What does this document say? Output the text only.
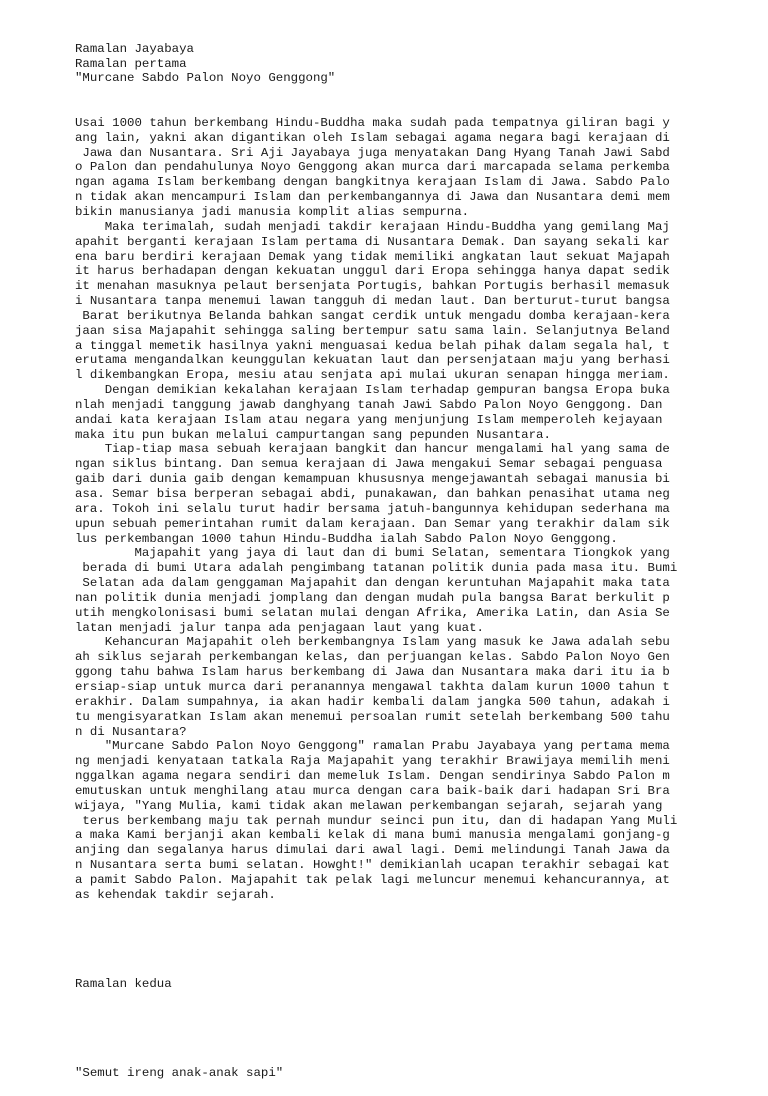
Ramalan Jayabaya
Ramalan pertama
"Murcane Sabdo Palon Noyo Genggong"

Usai 1000 tahun berkembang Hindu-Buddha maka sudah pada tempatnya giliran bagi y
ang lain, yakni akan digantikan oleh Islam sebagai agama negara bagi kerajaan di
Jawa dan Nusantara. Sri Aji Jayabaya juga menyatakan Dang Hyang Tanah Jawi Sabd
o Palon dan pendahulunya Noyo Genggong akan murca dari marcapada selama perkemba
ngan agama Islam berkembang dengan bangkitnya kerajaan Islam di Jawa. Sabdo Palo
n tidak akan mencampuri Islam dan perkembangannya di Jawa dan Nusantara demi mem
bikin manusianya jadi manusia komplit alias sempurna.
Maka terimalah, sudah menjadi takdir kerajaan Hindu-Buddha yang gemilang Maj
apahit berganti kerajaan Islam pertama di Nusantara Demak. Dan sayang sekali kar
ena baru berdiri kerajaan Demak yang tidak memiliki angkatan laut sekuat Majapah
it harus berhadapan dengan kekuatan unggul dari Eropa sehingga hanya dapat sedik
it menahan masuknya pelaut bersenjata Portugis, bahkan Portugis berhasil memasuk
i Nusantara tanpa menemui lawan tangguh di medan laut. Dan berturut-turut bangsa
Barat berikutnya Belanda bahkan sangat cerdik untuk mengadu domba kerajaan-kera
jaan sisa Majapahit sehingga saling bertempur satu sama lain. Selanjutnya Beland
a tinggal memetik hasilnya yakni menguasai kedua belah pihak dalam segala hal, t
erutama mengandalkan keunggulan kekuatan laut dan persenjataan maju yang berhasi
l dikembangkan Eropa, mesiu atau senjata api mulai ukuran senapan hingga meriam.
Dengan demikian kekalahan kerajaan Islam terhadap gempuran bangsa Eropa buka
nlah menjadi tanggung jawab danghyang tanah Jawi Sabdo Palon Noyo Genggong. Dan
andai kata kerajaan Islam atau negara yang menjunjung Islam memperoleh kejayaan
maka itu pun bukan melalui campurtangan sang pepunden Nusantara.
Tiap-tiap masa sebuah kerajaan bangkit dan hancur mengalami hal yang sama de
ngan siklus bintang. Dan semua kerajaan di Jawa mengakui Semar sebagai penguasa
gaib dari dunia gaib dengan kemampuan khususnya mengejawantah sebagai manusia bi
asa. Semar bisa berperan sebagai abdi, punakawan, dan bahkan penasihat utama neg
ara. Tokoh ini selalu turut hadir bersama jatuh-bangunnya kehidupan sederhana ma
upun sebuah pemerintahan rumit dalam kerajaan. Dan Semar yang terakhir dalam sik
lus perkembangan 1000 tahun Hindu-Buddha ialah Sabdo Palon Noyo Genggong.
Majapahit yang jaya di laut dan di bumi Selatan, sementara Tiongkok yang
berada di bumi Utara adalah pengimbang tatanan politik dunia pada masa itu. Bumi
Selatan ada dalam genggaman Majapahit dan dengan keruntuhan Majapahit maka tata
nan politik dunia menjadi jomplang dan dengan mudah pula bangsa Barat berkulit p
utih mengkolonisasi bumi selatan mulai dengan Afrika, Amerika Latin, dan Asia Se
latan menjadi jalur tanpa ada penjagaan laut yang kuat.
Kehancuran Majapahit oleh berkembangnya Islam yang masuk ke Jawa adalah sebu
ah siklus sejarah perkembangan kelas, dan perjuangan kelas. Sabdo Palon Noyo Gen
ggong tahu bahwa Islam harus berkembang di Jawa dan Nusantara maka dari itu ia b
ersiap-siap untuk murca dari peranannya mengawal takhta dalam kurun 1000 tahun t
erakhir. Dalam sumpahnya, ia akan hadir kembali dalam jangka 500 tahun, adakah i
tu mengisyaratkan Islam akan menemui persoalan rumit setelah berkembang 500 tahu
n di Nusantara?
"Murcane Sabdo Palon Noyo Genggong" ramalan Prabu Jayabaya yang pertama mema
ng menjadi kenyataan tatkala Raja Majapahit yang terakhir Brawijaya memilih meni
nggalkan agama negara sendiri dan memeluk Islam. Dengan sendirinya Sabdo Palon m
emutuskan untuk menghilang atau murca dengan cara baik-baik dari hadapan Sri Bra
wijaya, "Yang Mulia, kami tidak akan melawan perkembangan sejarah, sejarah yang
terus berkembang maju tak pernah mundur seinci pun itu, dan di hadapan Yang Muli
a maka Kami berjanji akan kembali kelak di mana bumi manusia mengalami gonjang-g
anjing dan segalanya harus dimulai dari awal lagi. Demi melindungi Tanah Jawa da
n Nusantara serta bumi selatan. Howght!" demikianlah ucapan terakhir sebagai kat
a pamit Sabdo Palon. Majapahit tak pelak lagi meluncur menemui kehancurannya, at
as kehendak takdir sejarah.

Ramalan kedua

"Semut ireng anak-anak sapi"
